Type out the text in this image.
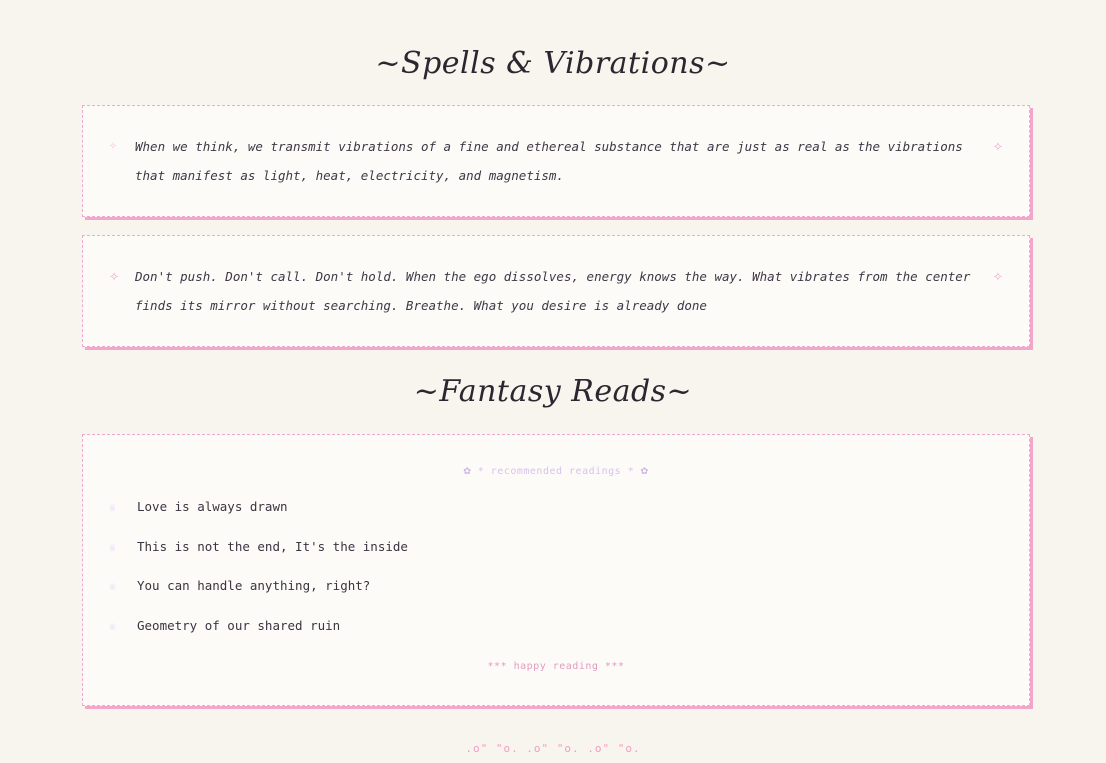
~Spells & Vibrations~
✧ When we think, we transmit vibrations of a fine and ethereal substance that are just as real as the vibrations that manifest as light, heat, electricity, and magnetism.

✧
✧ Don't push. Don't call. Don't hold. When the ego dissolves, energy knows the way. What vibrates from the center finds its mirror without searching. Breathe. What you desire is already done

✧
~Fantasy Reads~
✿ * recommended readings * ✿
♕	Love is always drawn
♕	This is not the end, It's the inside
♕	You can handle anything, right?
♕	Geometry of our shared ruin
*** happy reading ***
.o" "o. .o" "o. .o" "o.
